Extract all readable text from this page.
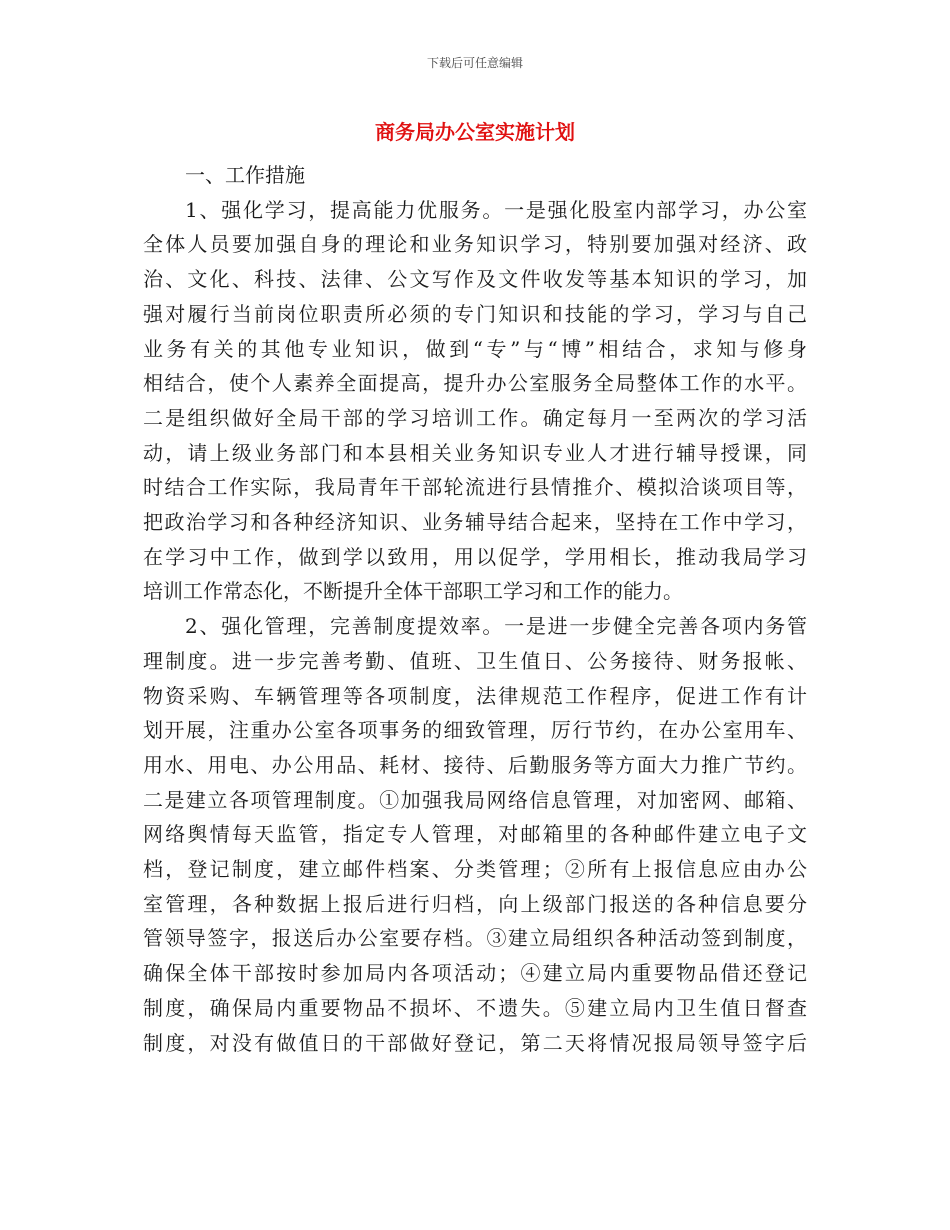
下载后可任意编辑
商务局办公室实施计划

一、工作措施

1、强化学习，提高能力优服务。一是强化股室内部学习，办公室
全体人员要加强自身的理论和业务知识学习，特别要加强对经济、政
治、文化、科技、法律、公文写作及文件收发等基本知识的学习，加
强对履行当前岗位职责所必须的专门知识和技能的学习，学习与自己
业务有关的其他专业知识，做到“专”与“博”相结合，求知与修身
相结合，使个人素养全面提高，提升办公室服务全局整体工作的水平。
二是组织做好全局干部的学习培训工作。确定每月一至两次的学习活
动，请上级业务部门和本县相关业务知识专业人才进行辅导授课，同
时结合工作实际，我局青年干部轮流进行县情推介、模拟洽谈项目等，
把政治学习和各种经济知识、业务辅导结合起来，坚持在工作中学习，
在学习中工作，做到学以致用，用以促学，学用相长，推动我局学习
培训工作常态化，不断提升全体干部职工学习和工作的能力。
2、强化管理，完善制度提效率。一是进一步健全完善各项内务管
理制度。进一步完善考勤、值班、卫生值日、公务接待、财务报帐、
物资采购、车辆管理等各项制度，法律规范工作程序，促进工作有计
划开展，注重办公室各项事务的细致管理，厉行节约，在办公室用车、
用水、用电、办公用品、耗材、接待、后勤服务等方面大力推广节约。
二是建立各项管理制度。①加强我局网络信息管理，对加密网、邮箱、
网络舆情每天监管，指定专人管理，对邮箱里的各种邮件建立电子文
档，登记制度，建立邮件档案、分类管理；②所有上报信息应由办公
室管理，各种数据上报后进行归档，向上级部门报送的各种信息要分
管领导签字，报送后办公室要存档。③建立局组织各种活动签到制度，
确保全体干部按时参加局内各项活动；④建立局内重要物品借还登记
制度，确保局内重要物品不损坏、不遗失。⑤建立局内卫生值日督查
制度，对没有做值日的干部做好登记，第二天将情况报局领导签字后
